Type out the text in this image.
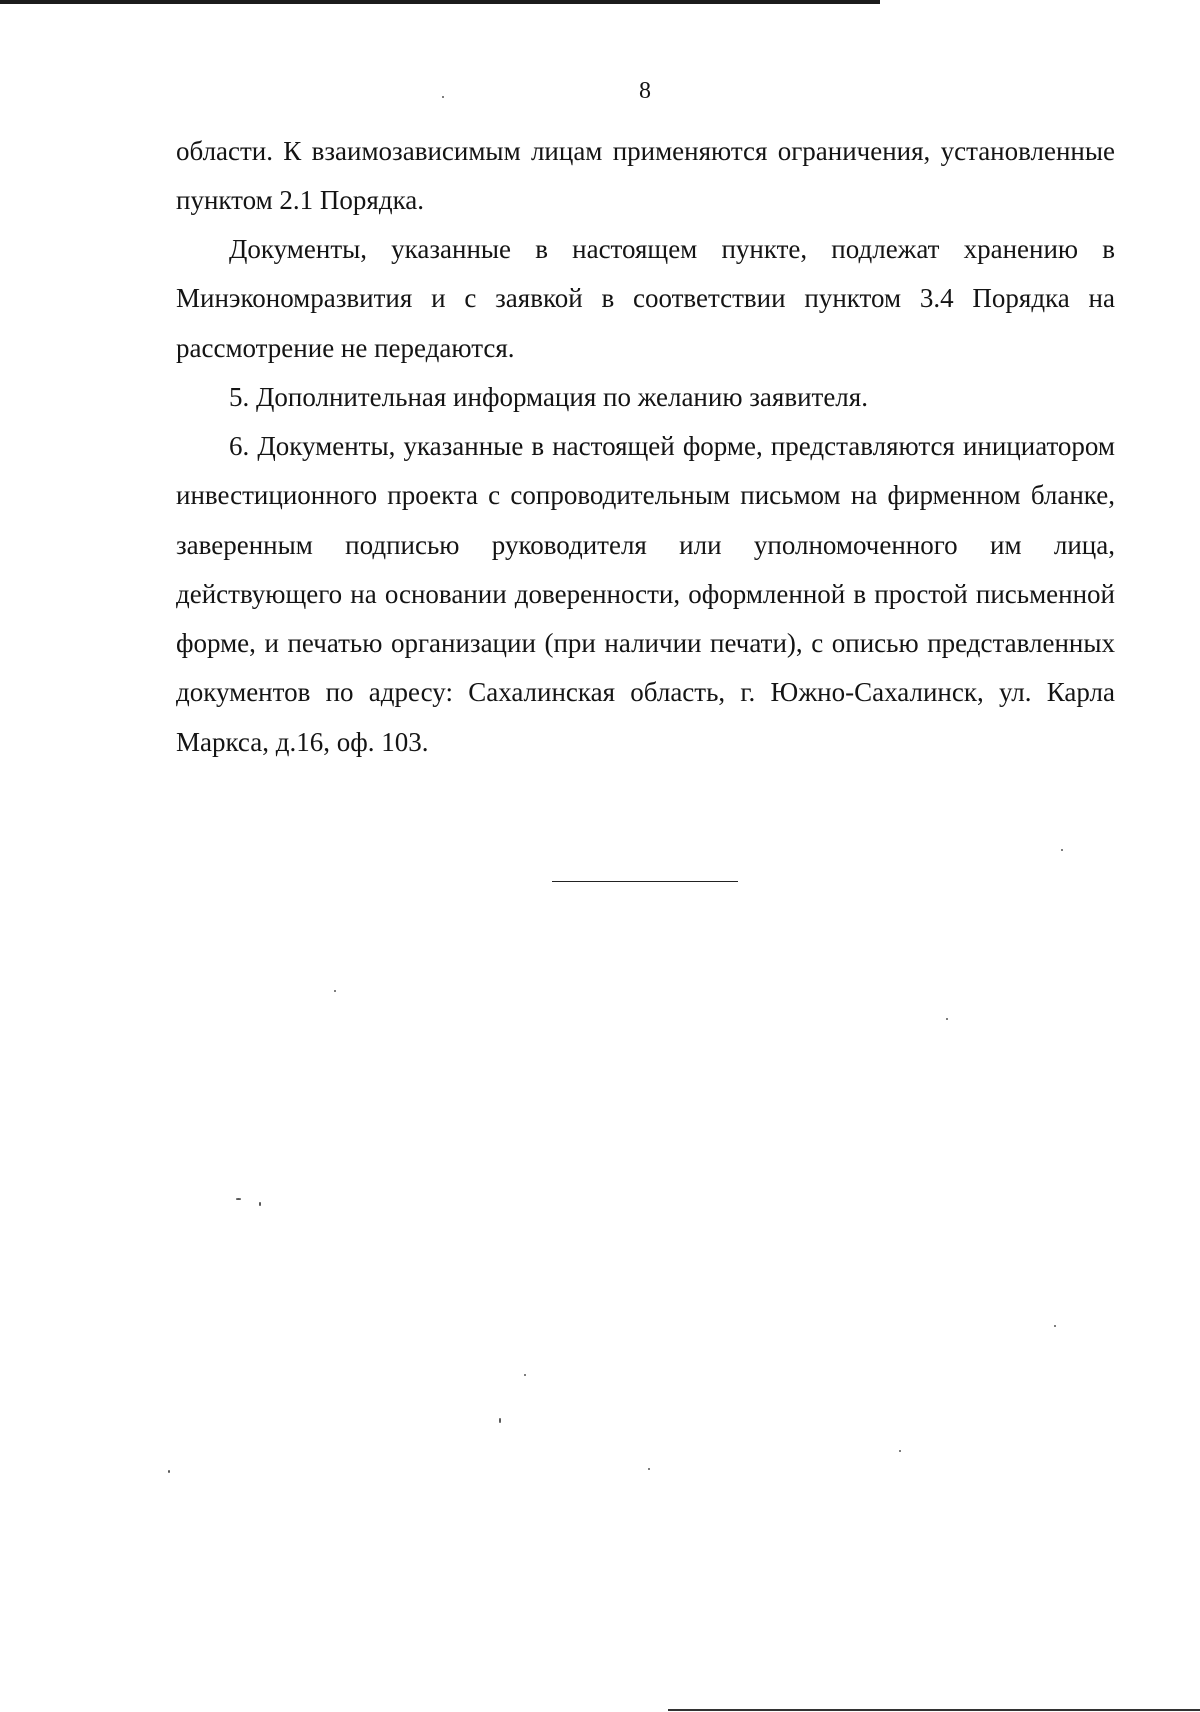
8

области. К взаимозависимым лицам применяются ограничения, установленные пунктом 2.1 Порядка.

Документы, указанные в настоящем пункте, подлежат хранению в Минэкономразвития и с заявкой в соответствии пунктом 3.4 Порядка на рассмотрение не передаются.

5. Дополнительная информация по желанию заявителя.

6. Документы, указанные в настоящей форме, представляются инициатором инвестиционного проекта с сопроводительным письмом на фирменном бланке, заверенным подписью руководителя или уполномоченного им лица, действующего на основании доверенности, оформленной в простой письменной форме, и печатью организации (при наличии печати), с описью представленных документов по адресу: Сахалинская область, г. Южно-Сахалинск, ул. Карла Маркса, д.16, оф. 103.
